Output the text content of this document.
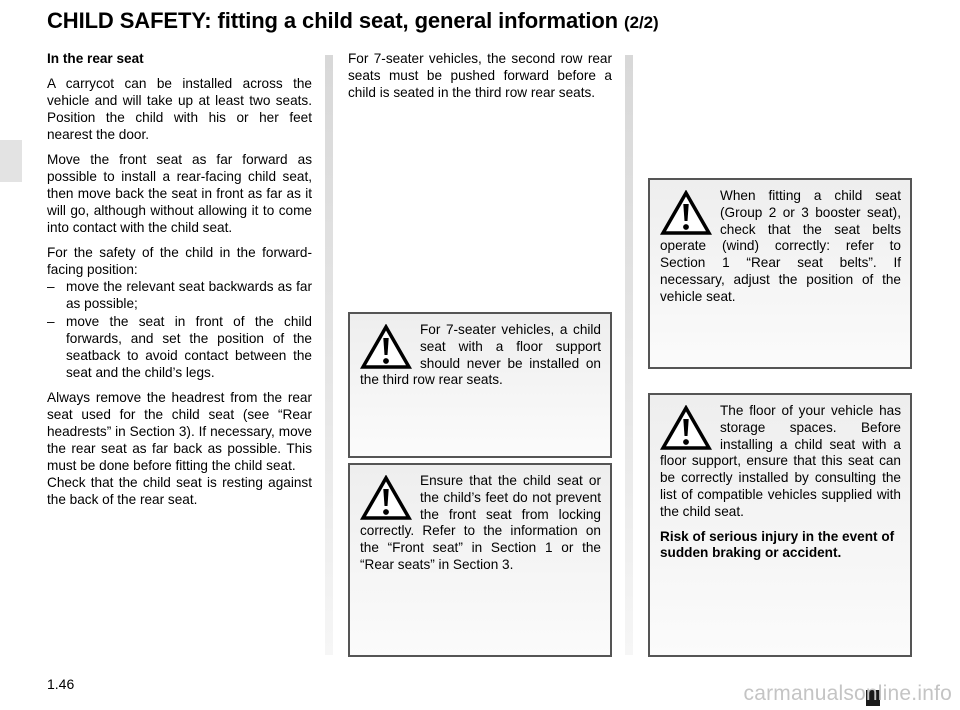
CHILD SAFETY: fitting a child seat, general information (2/2)

In the rear seat

A carrycot can be installed across the vehicle and will take up at least two seats. Position the child with his or her feet nearest the door.

Move the front seat as far forward as possible to install a rear-facing child seat, then move back the seat in front as far as it will go, although without allowing it to come into contact with the child seat.

For the safety of the child in the forward-facing position:

– move the relevant seat backwards as far as possible;
– move the seat in front of the child forwards, and set the position of the seatback to avoid contact between the seat and the child’s legs.

Always remove the headrest from the rear seat used for the child seat (see “Rear headrests” in Section 3). If necessary, move the rear seat as far back as possible. This must be done before fitting the child seat.

Check that the child seat is resting against the back of the rear seat.

For 7-seater vehicles, the second row rear seats must be pushed forward before a child is seated in the third row rear seats.

For 7-seater vehicles, a child seat with a floor support should never be installed on the third row rear seats.

Ensure that the child seat or the child’s feet do not prevent the front seat from locking correctly. Refer to the information on the “Front seat” in Section 1 or the “Rear seats” in Section 3.

When fitting a child seat (Group 2 or 3 booster seat), check that the seat belts operate (wind) correctly: refer to Section 1 “Rear seat belts”. If necessary, adjust the position of the vehicle seat.

The floor of your vehicle has storage spaces. Before installing a child seat with a floor support, ensure that this seat can be correctly installed by consulting the list of compatible vehicles supplied with the child seat.

Risk of serious injury in the event of sudden braking or accident.

1.46	carmanualsonline.info
